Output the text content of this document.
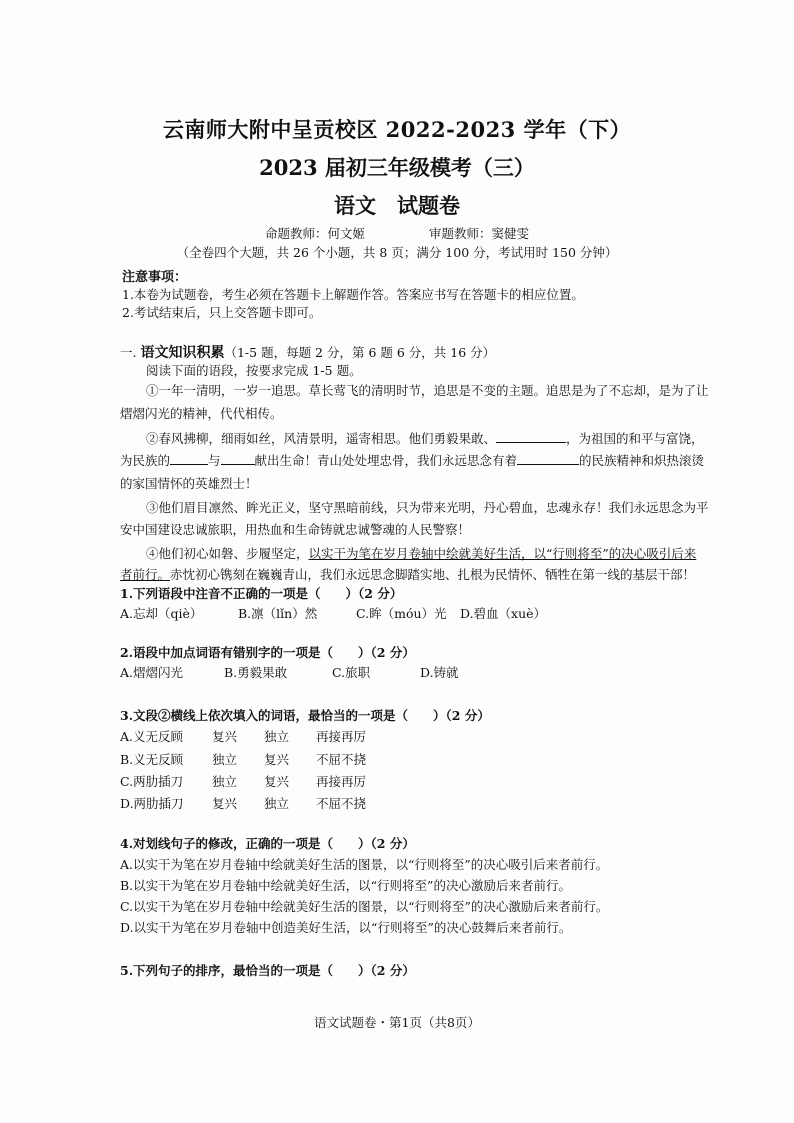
云南师大附中呈贡校区 2022-2023 学年（下）
2023 届初三年级模考（三）
语文　试题卷
命题教师：何文姬	审题教师：窦健雯
（全卷四个大题，共 26 个小题，共 8 页；满分 100 分，考试用时 150 分钟）
注意事项：
1.本卷为试题卷，考生必须在答题卡上解题作答。答案应书写在答题卡的相应位置。
2.考试结束后，只上交答题卡即可。
一. 语文知识积累（1-5 题，每题 2 分，第 6 题 6 分，共 16 分）
阅读下面的语段，按要求完成 1-5 题。
①一年一清明，一岁一追思。草长莺飞的清明时节，追思是不变的主题。追思是为了不忘却，是为了让
熠熠闪光的精神，代代相传。
②春风拂柳，细雨如丝，风清景明，遥寄相思。他们勇毅果敢、	，为祖国的和平与富饶，
为民族的	与	献出生命！青山处处埋忠骨，我们永远思念有着	的民族精神和炽热滚烫
的家国情怀的英雄烈士！
③他们眉目凛然、眸光正义，坚守黑暗前线，只为带来光明，丹心碧血，忠魂永存！我们永远思念为平
安中国建设忠诚旅职，用热血和生命铸就忠诚警魂的人民警察！
④他们初心如磐、步履坚定，以实干为笔在岁月卷轴中绘就美好生活，以“行则将至”的决心吸引后来
者前行。赤忱初心镌刻在巍巍青山，我们永远思念脚踏实地、扎根为民情怀、牺牲在第一线的基层干部！
1.下列语段中注音不正确的一项是（　　）（2 分）
A.忘却（qiè）	B.凛（lǐn）然	C.眸（móu）光 D.碧血（xuè）
2.语段中加点词语有错别字的一项是（　　）（2 分）
A.熠熠闪光	B.勇毅果敢	C.旅职	D.铸就
3.文段②横线上依次填入的词语，最恰当的一项是（　　）（2 分）
A.义无反顾 复兴 独立 再接再厉
B.义无反顾 独立 复兴 不屈不挠
C.两肋插刀 独立 复兴 再接再厉
D.两肋插刀 复兴 独立 不屈不挠
4.对划线句子的修改，正确的一项是（　　）（2 分）
A.以实干为笔在岁月卷轴中绘就美好生活的图景，以“行则将至”的决心吸引后来者前行。
B.以实干为笔在岁月卷轴中绘就美好生活，以“行则将至”的决心激励后来者前行。
C.以实干为笔在岁月卷轴中绘就美好生活的图景，以“行则将至”的决心激励后来者前行。
D.以实干为笔在岁月卷轴中创造美好生活，以“行则将至”的决心鼓舞后来者前行。
5.下列句子的排序，最恰当的一项是（　　）（2 分）
语文试题卷・第1页（共8页）
